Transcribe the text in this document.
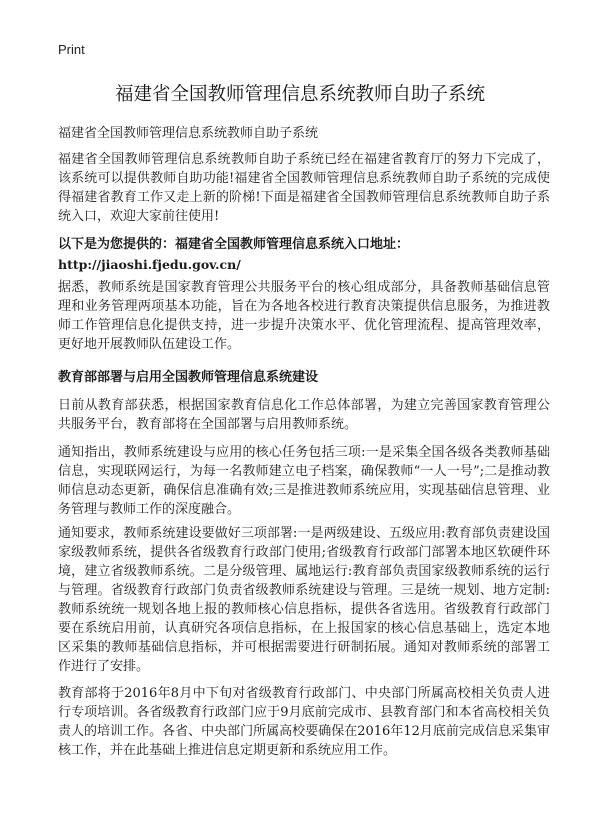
Print
福建省全国教师管理信息系统教师自助子系统

福建省全国教师管理信息系统教师自助子系统

福建省全国教师管理信息系统教师自助子系统已经在福建省教育厅的努力下完成了，该系统可以提供教师自助功能!福建省全国教师管理信息系统教师自助子系统的完成使得福建省教育工作又走上新的阶梯!下面是福建省全国教师管理信息系统教师自助子系统入口，欢迎大家前往使用!

以下是为您提供的：福建省全国教师管理信息系统入口地址：

http://jiaoshi.fjedu.gov.cn/

据悉，教师系统是国家教育管理公共服务平台的核心组成部分，具备教师基础信息管理和业务管理两项基本功能，旨在为各地各校进行教育决策提供信息服务，为推进教师工作管理信息化提供支持，进一步提升决策水平、优化管理流程、提高管理效率，更好地开展教师队伍建设工作。

教育部部署与启用全国教师管理信息系统建设

日前从教育部获悉，根据国家教育信息化工作总体部署，为建立完善国家教育管理公共服务平台，教育部将在全国部署与启用教师系统。

通知指出，教师系统建设与应用的核心任务包括三项:一是采集全国各级各类教师基础信息，实现联网运行，为每一名教师建立电子档案，确保教师“一人一号”;二是推动教师信息动态更新，确保信息准确有效;三是推进教师系统应用，实现基础信息管理、业务管理与教师工作的深度融合。

通知要求，教师系统建设要做好三项部署:一是两级建设、五级应用:教育部负责建设国家级教师系统，提供各省级教育行政部门使用;省级教育行政部门部署本地区软硬件环境，建立省级教师系统。二是分级管理、属地运行:教育部负责国家级教师系统的运行与管理。省级教育行政部门负责省级教师系统建设与管理。三是统一规划、地方定制:教师系统统一规划各地上报的教师核心信息指标，提供各省选用。省级教育行政部门要在系统启用前，认真研究各项信息指标，在上报国家的核心信息基础上，选定本地区采集的教师基础信息指标，并可根据需要进行研制拓展。通知对教师系统的部署工作进行了安排。

教育部将于2016年8月中下旬对省级教育行政部门、中央部门所属高校相关负责人进行专项培训。各省级教育行政部门应于9月底前完成市、县教育部门和本省高校相关负责人的培训工作。各省、中央部门所属高校要确保在2016年12月底前完成信息采集审核工作，并在此基础上推进信息定期更新和系统应用工作。
